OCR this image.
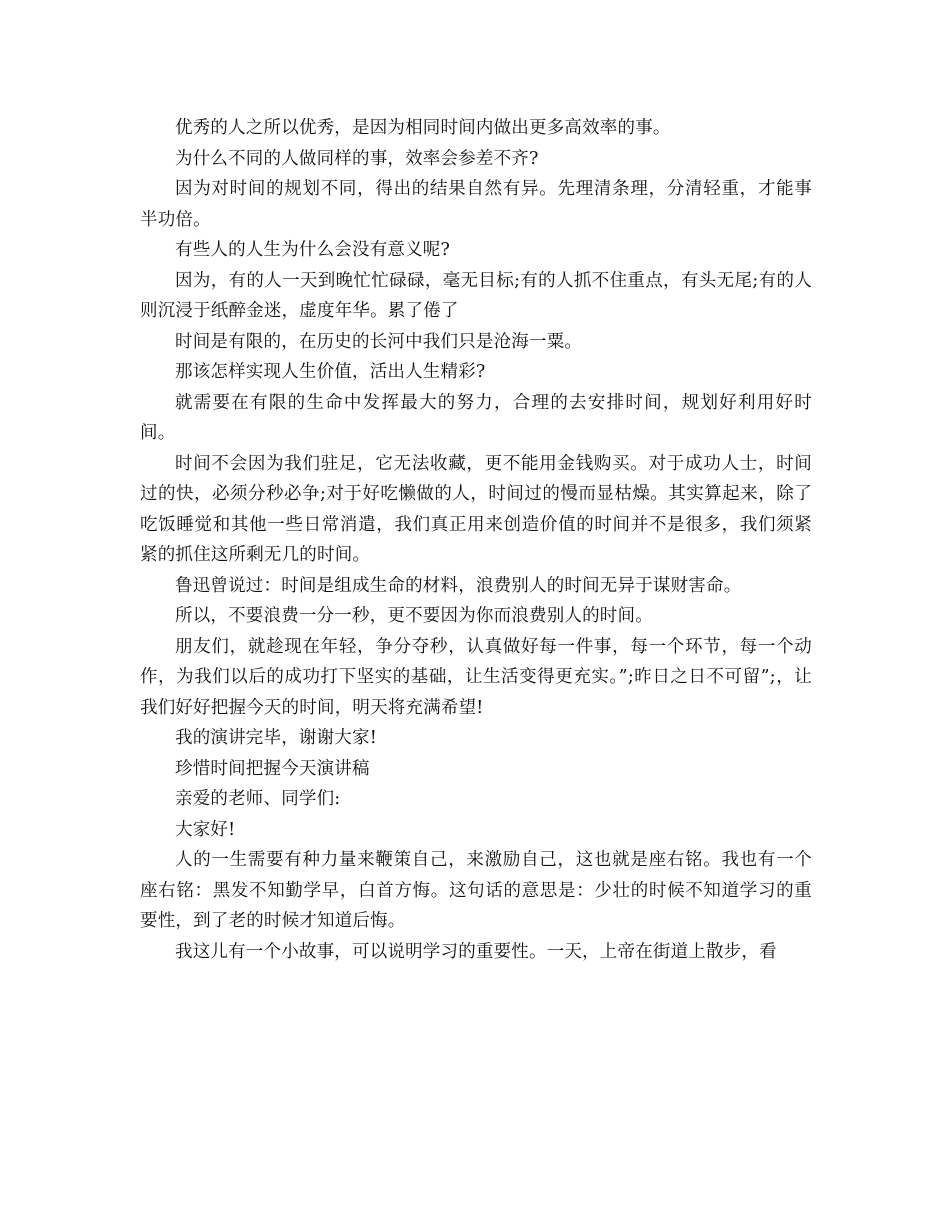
优秀的人之所以优秀，是因为相同时间内做出更多高效率的事。

为什么不同的人做同样的事，效率会参差不齐?

因为对时间的规划不同，得出的结果自然有异。先理清条理，分清轻重，才能事半功倍。

有些人的人生为什么会没有意义呢?

因为，有的人一天到晚忙忙碌碌，毫无目标;有的人抓不住重点，有头无尾;有的人则沉浸于纸醉金迷，虚度年华。累了倦了

时间是有限的，在历史的长河中我们只是沧海一粟。

那该怎样实现人生价值，活出人生精彩?

就需要在有限的生命中发挥最大的努力，合理的去安排时间，规划好利用好时间。

时间不会因为我们驻足，它无法收藏，更不能用金钱购买。对于成功人士，时间过的快，必须分秒必争;对于好吃懒做的人，时间过的慢而显枯燥。其实算起来，除了吃饭睡觉和其他一些日常消遣，我们真正用来创造价值的时间并不是很多，我们须紧紧的抓住这所剩无几的时间。

鲁迅曾说过：时间是组成生命的材料，浪费别人的时间无异于谋财害命。

所以，不要浪费一分一秒，更不要因为你而浪费别人的时间。

朋友们，就趁现在年轻，争分夺秒，认真做好每一件事，每一个环节，每一个动作，为我们以后的成功打下坚实的基础，让生活变得更充实。”;昨日之日不可留”;，让我们好好把握今天的时间，明天将充满希望!

我的演讲完毕，谢谢大家!

珍惜时间把握今天演讲稿

亲爱的老师、同学们:

大家好!

人的一生需要有种力量来鞭策自己，来激励自己，这也就是座右铭。我也有一个座右铭：黑发不知勤学早，白首方悔。这句话的意思是：少壮的时候不知道学习的重要性，到了老的时候才知道后悔。

我这儿有一个小故事，可以说明学习的重要性。一天，上帝在街道上散步，看
